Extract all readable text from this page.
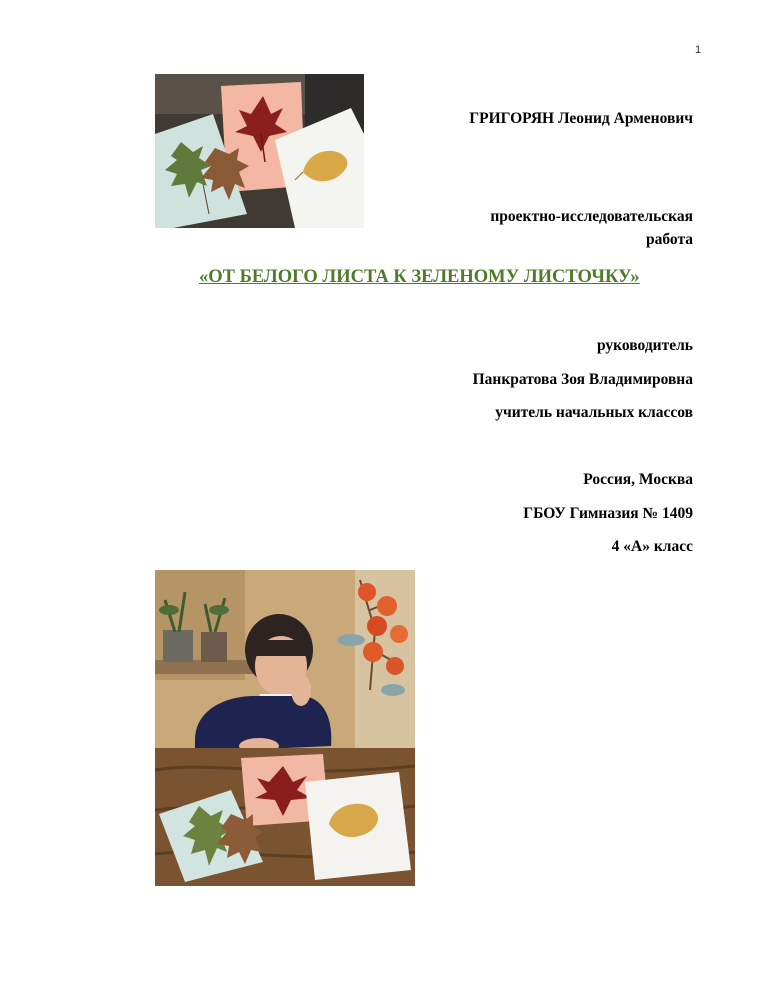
1
ГРИГОРЯН Леонид Арменович
проектно-исследовательская
работа
«ОТ БЕЛОГО ЛИСТА К ЗЕЛЕНОМУ ЛИСТОЧКУ»
руководитель
Панкратова Зоя Владимировна
учитель начальных классов
Россия, Москва
ГБОУ Гимназия № 1409
4 «А» класс
